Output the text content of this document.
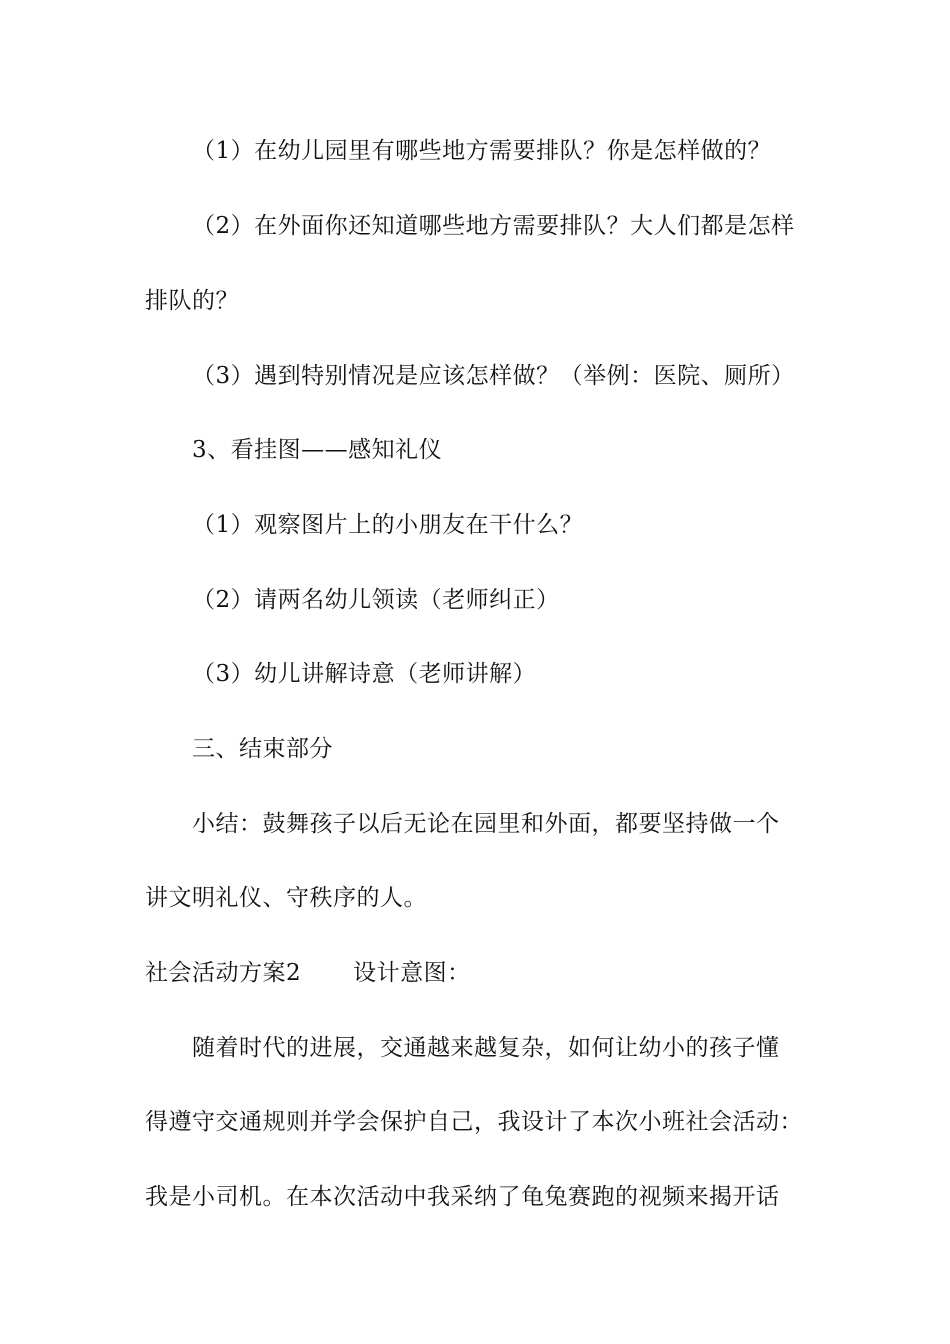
（1）在幼儿园里有哪些地方需要排队？你是怎样做的？
（2）在外面你还知道哪些地方需要排队？大人们都是怎样
排队的？
（3）遇到特别情况是应该怎样做？（举例：医院、厕所）
3、看挂图——感知礼仪
（1）观察图片上的小朋友在干什么？
（2）请两名幼儿领读（老师纠正）
（3）幼儿讲解诗意（老师讲解）
三、结束部分
小结：鼓舞孩子以后无论在园里和外面，都要坚持做一个
讲文明礼仪、守秩序的人。
社会活动方案2 设计意图：
随着时代的进展，交通越来越复杂，如何让幼小的孩子懂
得遵守交通规则并学会保护自己，我设计了本次小班社会活动：
我是小司机。在本次活动中我采纳了龟兔赛跑的视频来揭开话
